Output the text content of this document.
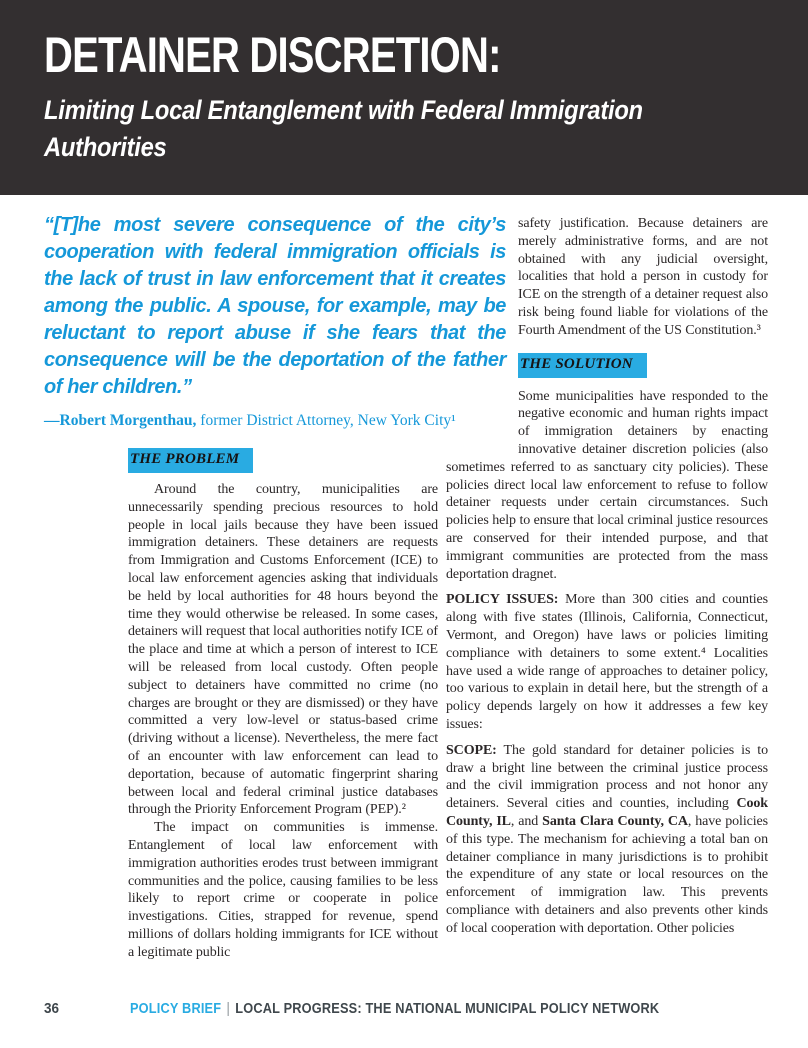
DETAINER DISCRETION:
Limiting Local Entanglement with Federal Immigration Authorities

“[T]he most severe consequence of the city’s cooperation with federal immigration officials is the lack of trust in law enforcement that it creates among the public. A spouse, for example, may be reluctant to report abuse if she fears that the consequence will be the deportation of the father of her children.”

—Robert Morgenthau, former District Attorney, New York City¹

THE PROBLEM

Around the country, municipalities are unnecessarily spending precious resources to hold people in local jails because they have been issued immigration detainers. These detainers are requests from Immigration and Customs Enforcement (ICE) to local law enforcement agencies asking that individuals be held by local authorities for 48 hours beyond the time they would otherwise be released. In some cases, detainers will request that local authorities notify ICE of the place and time at which a person of interest to ICE will be released from local custody. Often people subject to detainers have committed no crime (no charges are brought or they are dismissed) or they have committed a very low-level or status-based crime (driving without a license). Nevertheless, the mere fact of an encounter with law enforcement can lead to deportation, because of automatic fingerprint sharing between local and federal criminal justice databases through the Priority Enforcement Program (PEP).²

The impact on communities is immense. Entanglement of local law enforcement with immigration authorities erodes trust between immigrant communities and the police, causing families to be less likely to report crime or cooperate in police investigations. Cities, strapped for revenue, spend millions of dollars holding immigrants for ICE without a legitimate public

safety justification. Because detainers are merely administrative forms, and are not obtained with any judicial oversight, localities that hold a person in custody for ICE on the strength of a detainer request also risk being found liable for violations of the Fourth Amendment of the US Constitution.³

THE SOLUTION

Some municipalities have responded to the negative economic and human rights impact of immigration detainers by enacting innovative detainer discretion policies (also sometimes referred to as sanctuary city policies). These policies direct local law enforcement to refuse to follow detainer requests under certain circumstances. Such policies help to ensure that local criminal justice resources are conserved for their intended purpose, and that immigrant communities are protected from the mass deportation dragnet.

POLICY ISSUES: More than 300 cities and counties along with five states (Illinois, California, Connecticut, Vermont, and Oregon) have laws or policies limiting compliance with detainers to some extent.⁴ Localities have used a wide range of approaches to detainer policy, too various to explain in detail here, but the strength of a policy depends largely on how it addresses a few key issues:

SCOPE: The gold standard for detainer policies is to draw a bright line between the criminal justice process and the civil immigration process and not honor any detainers. Several cities and counties, including Cook County, IL, and Santa Clara County, CA, have policies of this type. The mechanism for achieving a total ban on detainer compliance in many jurisdictions is to prohibit the expenditure of any state or local resources on the enforcement of immigration law. This prevents compliance with detainers and also prevents other kinds of local cooperation with deportation. Other policies

36	POLICY BRIEF | LOCAL PROGRESS: THE NATIONAL MUNICIPAL POLICY NETWORK
